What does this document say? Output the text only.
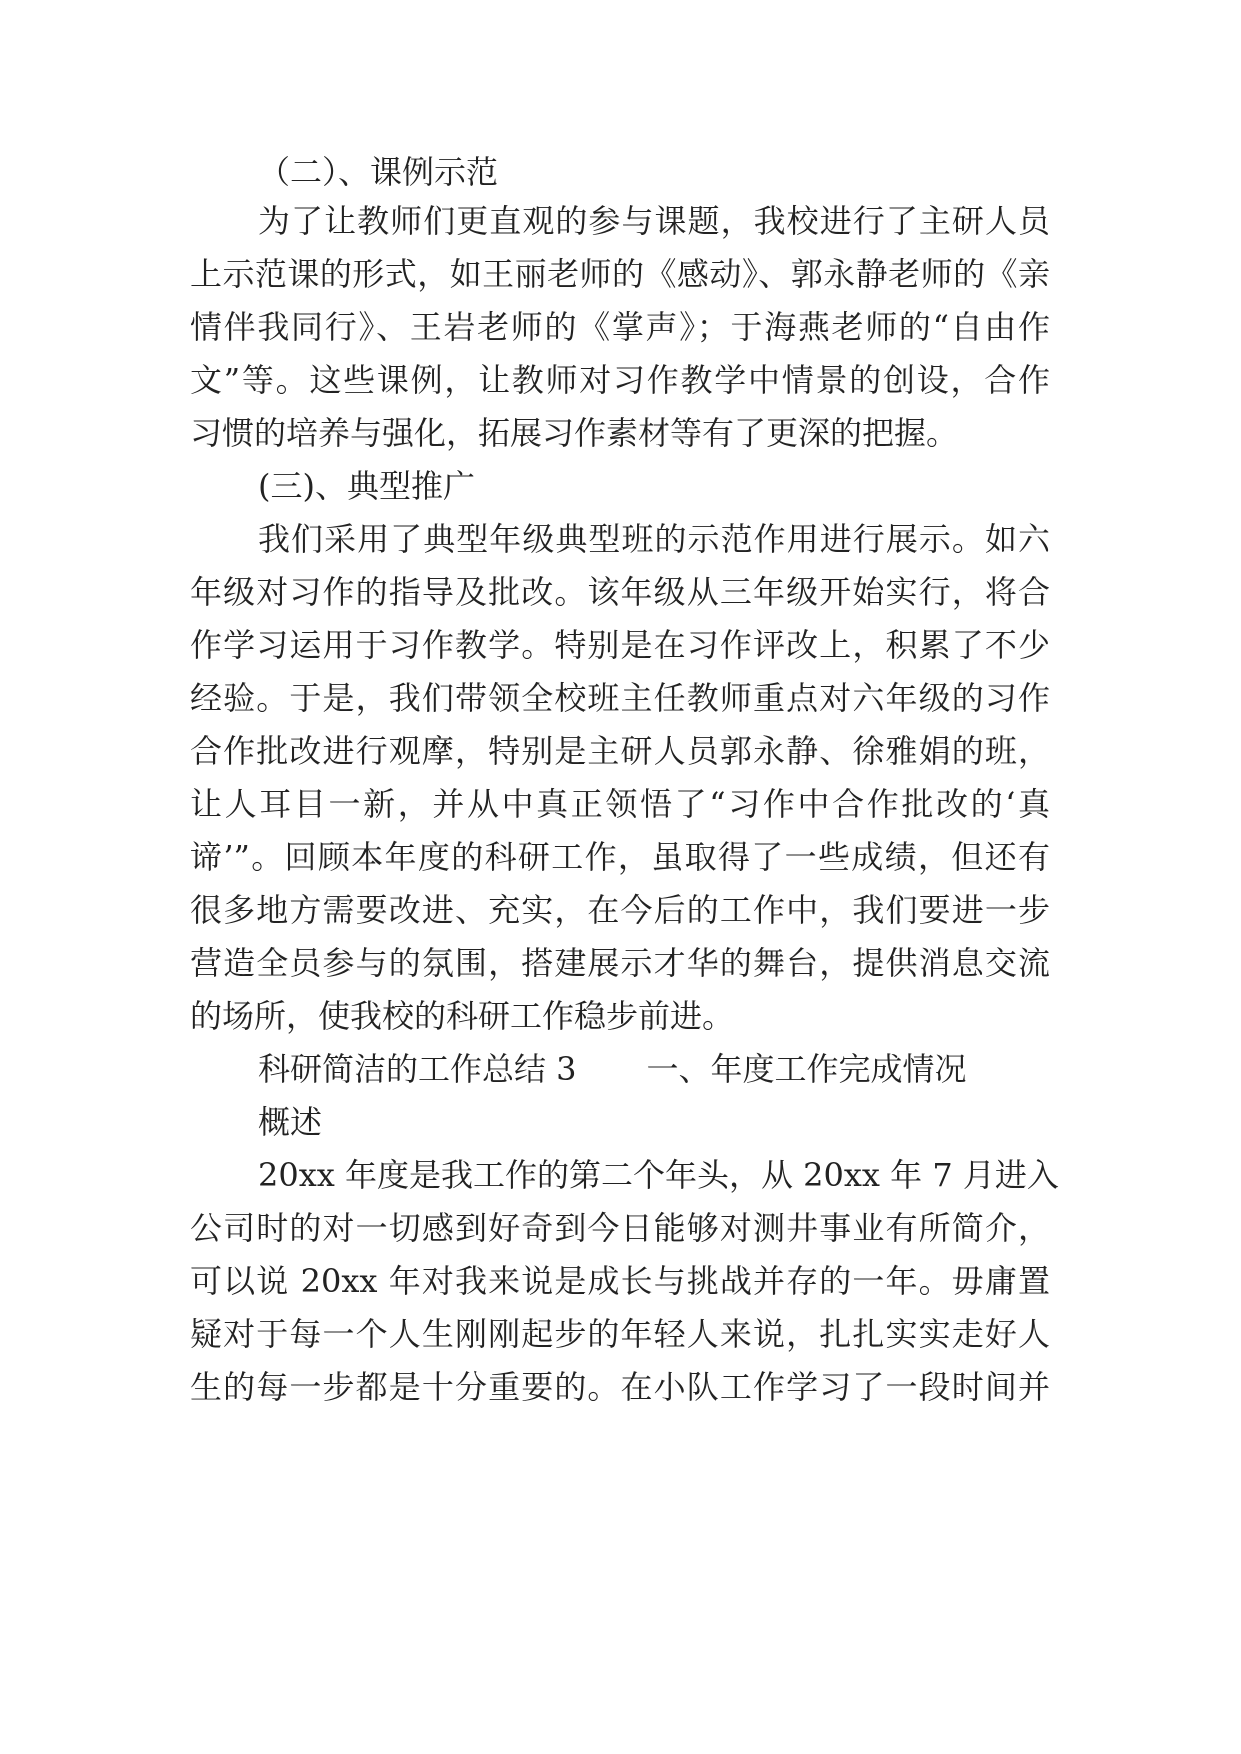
（二）、课例示范
为了让教师们更直观的参与课题，我校进行了主研人员
上示范课的形式，如王丽老师的《感动》、郭永静老师的《亲
情伴我同行》、王岩老师的《掌声》；于海燕老师的“自由作
文”等。这些课例，让教师对习作教学中情景的创设，合作
习惯的培养与强化，拓展习作素材等有了更深的把握。
(三)、典型推广
我们采用了典型年级典型班的示范作用进行展示。如六
年级对习作的指导及批改。该年级从三年级开始实行，将合
作学习运用于习作教学。特别是在习作评改上，积累了不少
经验。于是，我们带领全校班主任教师重点对六年级的习作
合作批改进行观摩，特别是主研人员郭永静、徐雅娟的班，
让人耳目一新，并从中真正领悟了“习作中合作批改的‘真
谛’”。回顾本年度的科研工作，虽取得了一些成绩，但还有
很多地方需要改进、充实，在今后的工作中，我们要进一步
营造全员参与的氛围，搭建展示才华的舞台，提供消息交流
的场所，使我校的科研工作稳步前进。
科研简洁的工作总结 3 一、年度工作完成情况
概述
20xx 年度是我工作的第二个年头，从 20xx 年 7 月进入
公司时的对一切感到好奇到今日能够对测井事业有所简介，
可以说 20xx 年对我来说是成长与挑战并存的一年。毋庸置
疑对于每一个人生刚刚起步的年轻人来说，扎扎实实走好人
生的每一步都是十分重要的。在小队工作学习了一段时间并
